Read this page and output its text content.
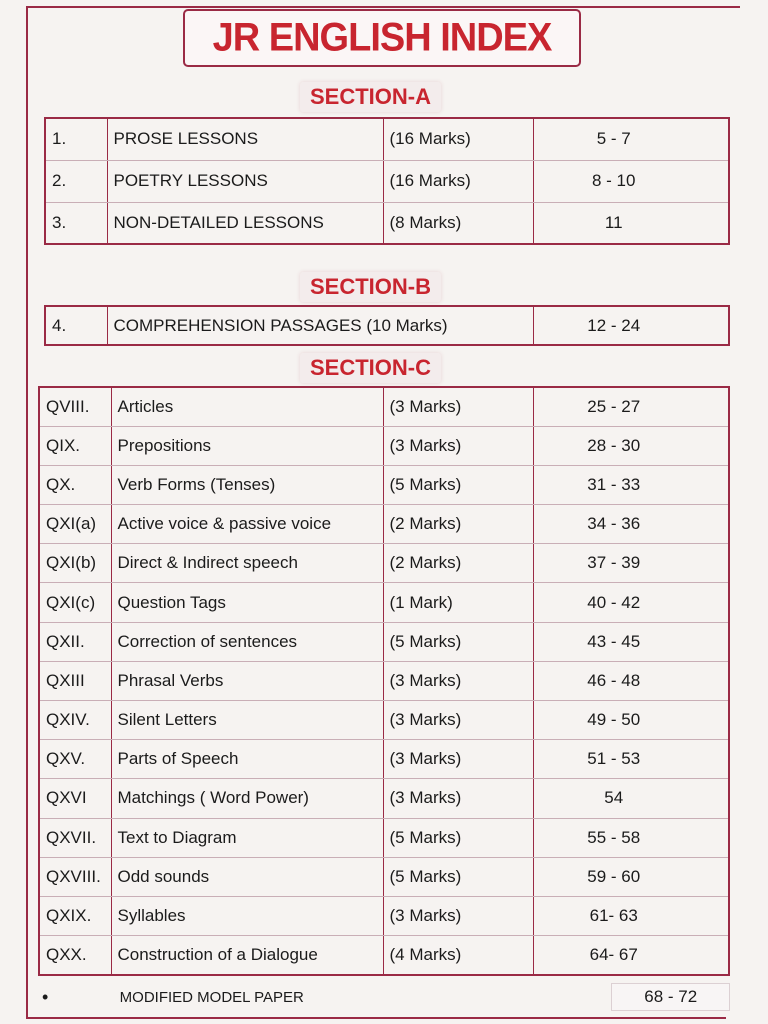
JR ENGLISH INDEX
SECTION-A
1.	PROSE LESSONS	(16 Marks)	5 - 7
2.	POETRY LESSONS	(16 Marks)	8 - 10
3.	NON-DETAILED LESSONS	(8 Marks)	11
SECTION-B
4.	COMPREHENSION PASSAGES (10 Marks)	12 - 24
SECTION-C
QVIII.	Articles	(3 Marks)	25 - 27
QIX.	Prepositions	(3 Marks)	28 - 30
QX.	Verb Forms (Tenses)	(5 Marks)	31 - 33
QXI(a)	Active voice & passive voice	(2 Marks)	34 - 36
QXI(b)	Direct & Indirect speech	(2 Marks)	37 - 39
QXI(c)	Question Tags	(1 Mark)	40 - 42
QXII.	Correction of sentences	(5 Marks)	43 - 45
QXIII	Phrasal Verbs	(3 Marks)	46 - 48
QXIV.	Silent Letters	(3 Marks)	49 - 50
QXV.	Parts of Speech	(3 Marks)	51 - 53
QXVI	Matchings ( Word Power)	(3 Marks)	54
QXVII.	Text to Diagram	(5 Marks)	55 - 58
QXVIII.	Odd sounds	(5 Marks)	59 - 60
QXIX.	Syllables	(3 Marks)	61- 63
QXX.	Construction of a Dialogue	(4 Marks)	64- 67
•	MODIFIED MODEL PAPER	68 - 72
